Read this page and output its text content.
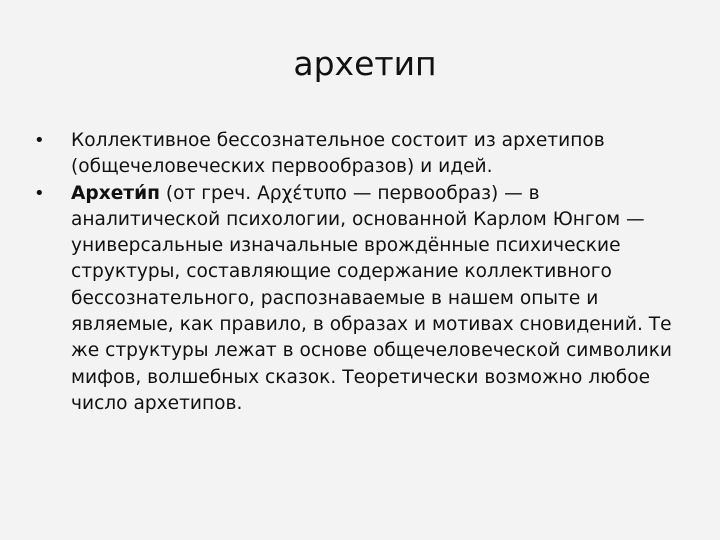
архетип
• Коллективное бессознательное состоит из архетипов (общечеловеческих первообразов) и идей.
• Архети́п (от греч. Αρχέτυπο — первообраз) — в аналитической психологии, основанной Карлом Юнгом — универсальные изначальные врождённые психические структуры, составляющие содержание коллективного бессознательного, распознаваемые в нашем опыте и являемые, как правило, в образах и мотивах сновидений. Те же структуры лежат в основе общечеловеческой символики мифов, волшебных сказок. Теоретически возможно любое число архетипов.
